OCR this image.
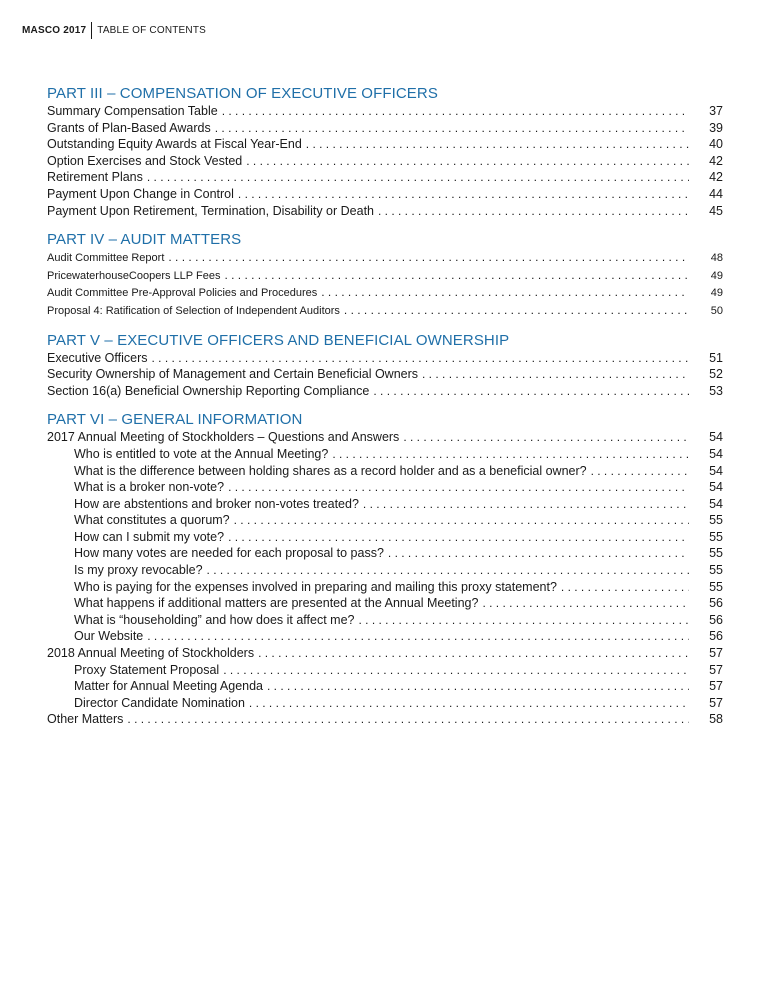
MASCO 2017	TABLE OF CONTENTS
PART III – COMPENSATION OF EXECUTIVE OFFICERS
Summary Compensation Table . . .	37
Grants of Plan-Based Awards . . .	39
Outstanding Equity Awards at Fiscal Year-End . . .	40
Option Exercises and Stock Vested . . .	42
Retirement Plans . . .	42
Payment Upon Change in Control . . .	44
Payment Upon Retirement, Termination, Disability or Death . . .	45
PART IV – AUDIT MATTERS
Audit Committee Report . . .	48
PricewaterhouseCoopers LLP Fees . . .	49
Audit Committee Pre-Approval Policies and Procedures . . .	49
Proposal 4: Ratification of Selection of Independent Auditors . . .	50
PART V – EXECUTIVE OFFICERS AND BENEFICIAL OWNERSHIP
Executive Officers . . .	51
Security Ownership of Management and Certain Beneficial Owners . . .	52
Section 16(a) Beneficial Ownership Reporting Compliance . . .	53
PART VI – GENERAL INFORMATION
2017 Annual Meeting of Stockholders – Questions and Answers . . .	54
Who is entitled to vote at the Annual Meeting? . . .	54
What is the difference between holding shares as a record holder and as a beneficial owner? . . .	54
What is a broker non-vote? . . .	54
How are abstentions and broker non-votes treated? . . .	54
What constitutes a quorum? . . .	55
How can I submit my vote? . . .	55
How many votes are needed for each proposal to pass? . . .	55
Is my proxy revocable? . . .	55
Who is paying for the expenses involved in preparing and mailing this proxy statement? . . .	55
What happens if additional matters are presented at the Annual Meeting? . . .	56
What is “householding” and how does it affect me? . . .	56
Our Website . . .	56
2018 Annual Meeting of Stockholders . . .	57
Proxy Statement Proposal . . .	57
Matter for Annual Meeting Agenda . . .	57
Director Candidate Nomination . . .	57
Other Matters . . .	58
